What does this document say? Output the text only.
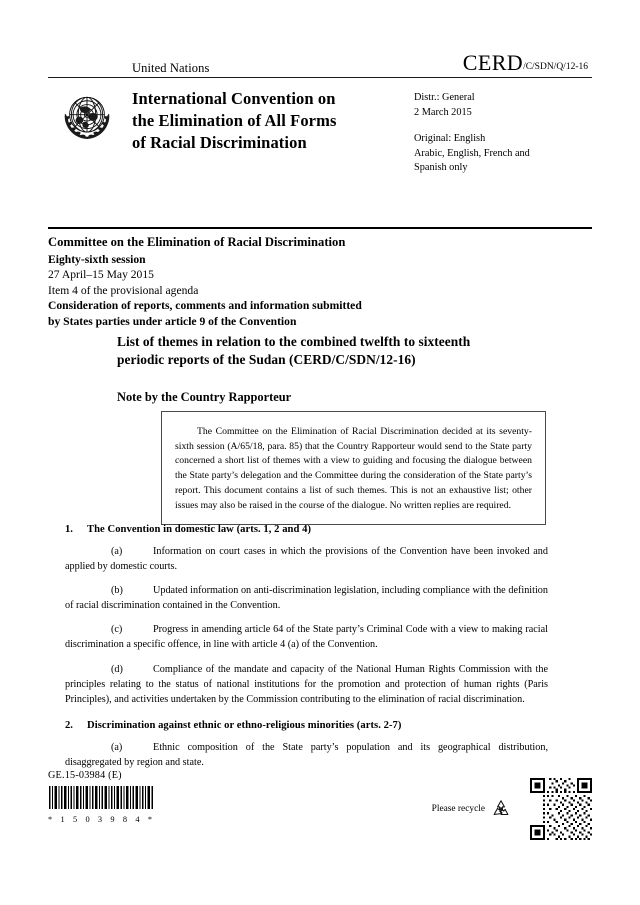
United Nations	CERD/C/SDN/Q/12-16
International Convention on
the Elimination of All Forms
of Racial Discrimination
Distr.: General
2 March 2015
Original: English
Arabic, English, French and
Spanish only
Committee on the Elimination of Racial Discrimination
Eighty-sixth session
27 April–15 May 2015
Item 4 of the provisional agenda
Consideration of reports, comments and information submitted
by States parties under article 9 of the Convention
List of themes in relation to the combined twelfth to sixteenth
periodic reports of the Sudan (CERD/C/SDN/12-16)
Note by the Country Rapporteur

The Committee on the Elimination of Racial Discrimination decided at its seventy-sixth session (A/65/18, para. 85) that the Country Rapporteur would send to the State party concerned a short list of themes with a view to guiding and focusing the dialogue between the State party’s delegation and the Committee during the consideration of the State party’s report. This document contains a list of such themes. This is not an exhaustive list; other issues may also be raised in the course of the dialogue. No written replies are required.

1.	The Convention in domestic law (arts. 1, 2 and 4)
(a)	Information on court cases in which the provisions of the Convention have been invoked and applied by domestic courts.
(b)	Updated information on anti-discrimination legislation, including compliance with the definition of racial discrimination contained in the Convention.
(c)	Progress in amending article 64 of the State party’s Criminal Code with a view to making racial discrimination a specific offence, in line with article 4 (a) of the Convention.
(d)	Compliance of the mandate and capacity of the National Human Rights Commission with the principles relating to the status of national institutions for the promotion and protection of human rights (Paris Principles), and activities undertaken by the Commission contributing to the elimination of racial discrimination.
2.	Discrimination against ethnic or ethno-religious minorities (arts. 2-7)
(a)	Ethnic composition of the State party’s population and its geographical distribution, disaggregated by region and state.
GE.15-03984 (E)
* 1 5 0 3 9 8 4 *
Please recycle
